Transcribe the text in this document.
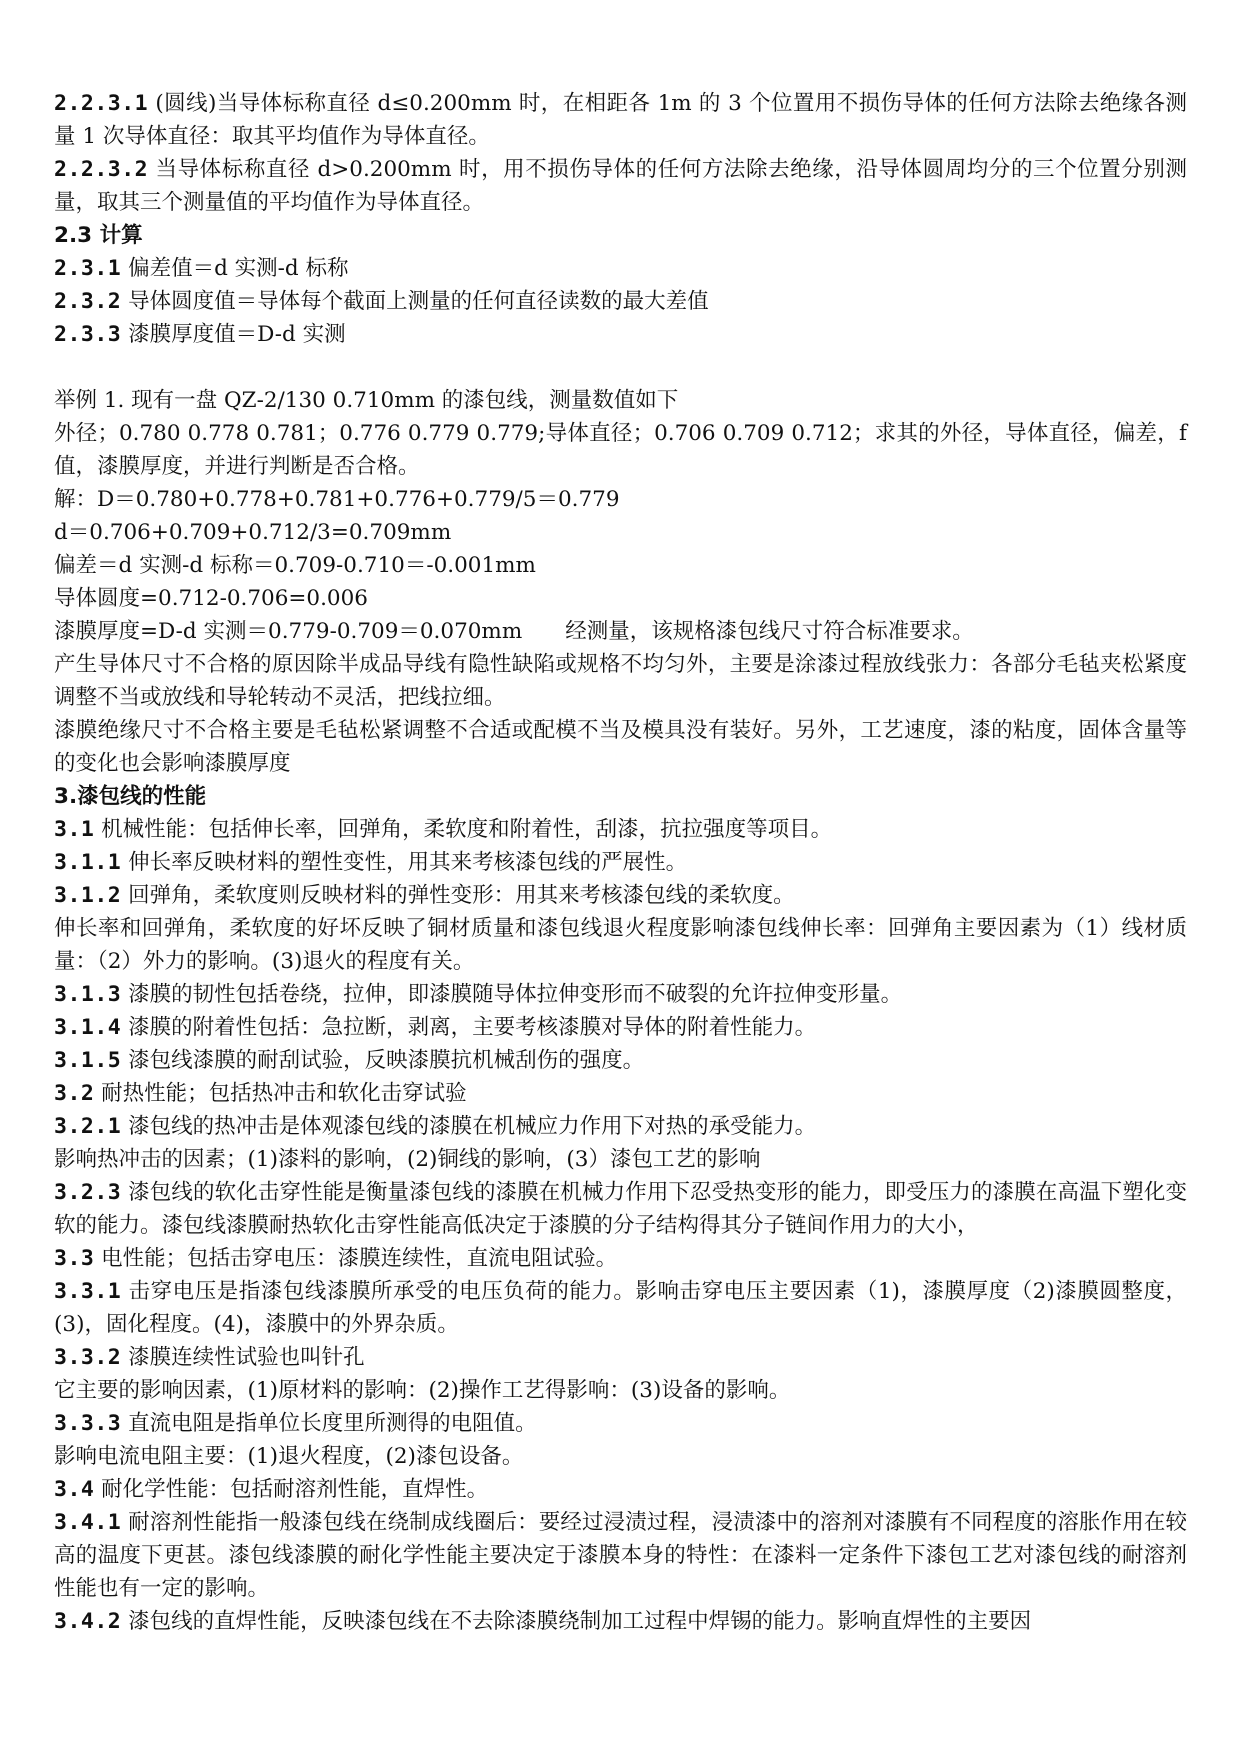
2.2.3.1 (圆线)当导体标称直径 d≤0.200mm 时，在相距各 1m 的 3 个位置用不损伤导体的任何方法除去绝缘各测量 1 次导体直径：取其平均值作为导体直径。
2.2.3.2 当导体标称直径 d>0.200mm 时，用不损伤导体的任何方法除去绝缘，沿导体圆周均分的三个位置分别测量，取其三个测量值的平均值作为导体直径。
2.3 计算
2.3.1 偏差值＝d 实测-d 标称
2.3.2 导体圆度值＝导体每个截面上测量的任何直径读数的最大差值
2.3.3 漆膜厚度值＝D-d 实测
举例 1. 现有一盘 QZ-2/130 0.710mm 的漆包线，测量数值如下
外径；0.780 0.778 0.781；0.776 0.779 0.779;导体直径；0.706 0.709 0.712；求其的外径，导体直径，偏差，f 值，漆膜厚度，并进行判断是否合格。
解：D＝0.780+0.778+0.781+0.776+0.779/5＝0.779
d＝0.706+0.709+0.712/3=0.709mm
偏差＝d 实测-d 标称＝0.709-0.710＝-0.001mm
导体圆度=0.712-0.706=0.006
漆膜厚度=D-d 实测＝0.779-0.709＝0.070mm　　经测量，该规格漆包线尺寸符合标准要求。
产生导体尺寸不合格的原因除半成品导线有隐性缺陷或规格不均匀外，主要是涂漆过程放线张力：各部分毛毡夹松紧度调整不当或放线和导轮转动不灵活，把线拉细。
漆膜绝缘尺寸不合格主要是毛毡松紧调整不合适或配模不当及模具没有装好。另外，工艺速度，漆的粘度，固体含量等的变化也会影响漆膜厚度
3.漆包线的性能
3.1 机械性能：包括伸长率，回弹角，柔软度和附着性，刮漆，抗拉强度等项目。
3.1.1 伸长率反映材料的塑性变性，用其来考核漆包线的严展性。
3.1.2 回弹角，柔软度则反映材料的弹性变形：用其来考核漆包线的柔软度。
伸长率和回弹角，柔软度的好坏反映了铜材质量和漆包线退火程度影响漆包线伸长率：回弹角主要因素为（1）线材质量：（2）外力的影响。(3)退火的程度有关。
3.1.3 漆膜的韧性包括卷绕，拉伸，即漆膜随导体拉伸变形而不破裂的允许拉伸变形量。
3.1.4 漆膜的附着性包括：急拉断，剥离，主要考核漆膜对导体的附着性能力。
3.1.5 漆包线漆膜的耐刮试验，反映漆膜抗机械刮伤的强度。
3.2 耐热性能；包括热冲击和软化击穿试验
3.2.1 漆包线的热冲击是体观漆包线的漆膜在机械应力作用下对热的承受能力。
影响热冲击的因素；(1)漆料的影响，(2)铜线的影响，(3）漆包工艺的影响
3.2.3 漆包线的软化击穿性能是衡量漆包线的漆膜在机械力作用下忍受热变形的能力，即受压力的漆膜在高温下塑化变软的能力。漆包线漆膜耐热软化击穿性能高低决定于漆膜的分子结构得其分子链间作用力的大小，
3.3 电性能；包括击穿电压：漆膜连续性，直流电阻试验。
3.3.1 击穿电压是指漆包线漆膜所承受的电压负荷的能力。影响击穿电压主要因素（1)，漆膜厚度（2)漆膜圆整度，(3)，固化程度。(4)，漆膜中的外界杂质。
3.3.2 漆膜连续性试验也叫针孔
它主要的影响因素，(1)原材料的影响：(2)操作工艺得影响：(3)设备的影响。
3.3.3 直流电阻是指单位长度里所测得的电阻值。
影响电流电阻主要：(1)退火程度，(2)漆包设备。
3.4 耐化学性能：包括耐溶剂性能，直焊性。
3.4.1 耐溶剂性能指一般漆包线在绕制成线圈后：要经过浸渍过程，浸渍漆中的溶剂对漆膜有不同程度的溶胀作用在较高的温度下更甚。漆包线漆膜的耐化学性能主要决定于漆膜本身的特性：在漆料一定条件下漆包工艺对漆包线的耐溶剂性能也有一定的影响。
3.4.2 漆包线的直焊性能，反映漆包线在不去除漆膜绕制加工过程中焊锡的能力。影响直焊性的主要因
